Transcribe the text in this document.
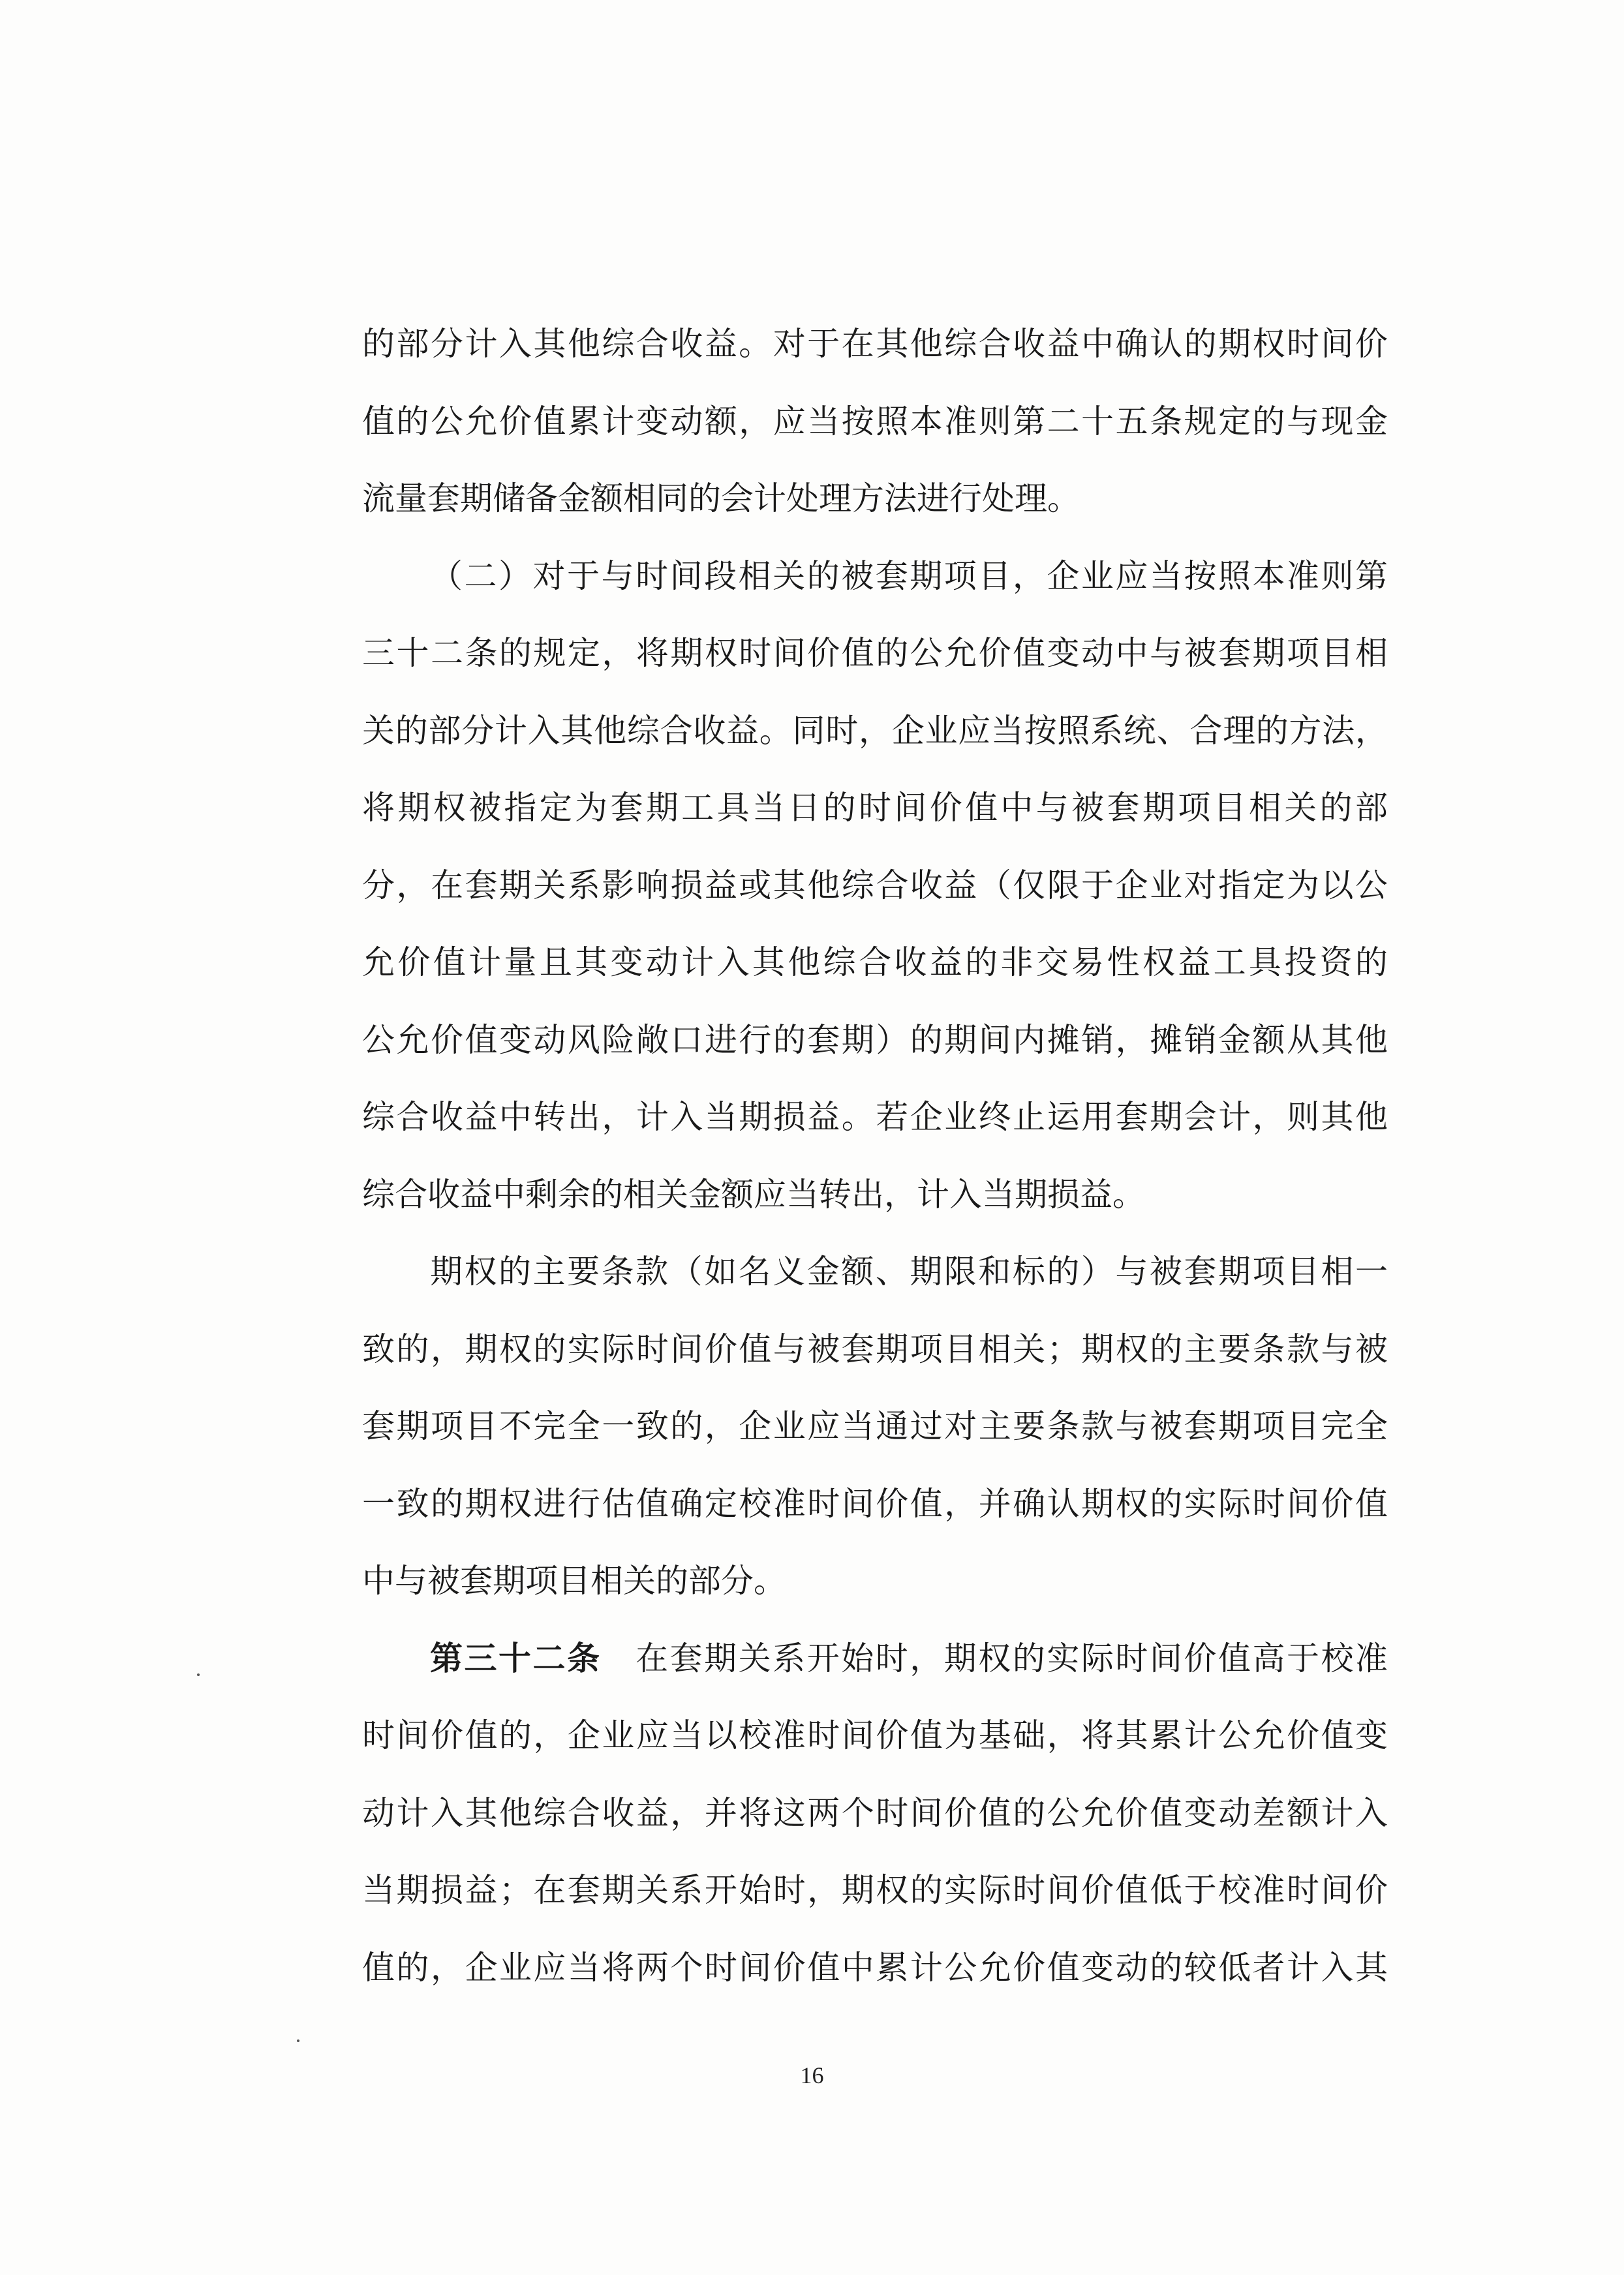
的部分计入其他综合收益。对于在其他综合收益中确认的期权时间价
值的公允价值累计变动额，应当按照本准则第二十五条规定的与现金
流量套期储备金额相同的会计处理方法进行处理。
（二）对于与时间段相关的被套期项目，企业应当按照本准则第
三十二条的规定，将期权时间价值的公允价值变动中与被套期项目相
关的部分计入其他综合收益。同时，企业应当按照系统、合理的方法，
将期权被指定为套期工具当日的时间价值中与被套期项目相关的部
分，在套期关系影响损益或其他综合收益（仅限于企业对指定为以公
允价值计量且其变动计入其他综合收益的非交易性权益工具投资的
公允价值变动风险敞口进行的套期）的期间内摊销，摊销金额从其他
综合收益中转出，计入当期损益。若企业终止运用套期会计，则其他
综合收益中剩余的相关金额应当转出，计入当期损益。
期权的主要条款（如名义金额、期限和标的）与被套期项目相一
致的，期权的实际时间价值与被套期项目相关；期权的主要条款与被
套期项目不完全一致的，企业应当通过对主要条款与被套期项目完全
一致的期权进行估值确定校准时间价值，并确认期权的实际时间价值
中与被套期项目相关的部分。
第三十二条  在套期关系开始时，期权的实际时间价值高于校准
时间价值的，企业应当以校准时间价值为基础，将其累计公允价值变
动计入其他综合收益，并将这两个时间价值的公允价值变动差额计入
当期损益；在套期关系开始时，期权的实际时间价值低于校准时间价
值的，企业应当将两个时间价值中累计公允价值变动的较低者计入其
16
